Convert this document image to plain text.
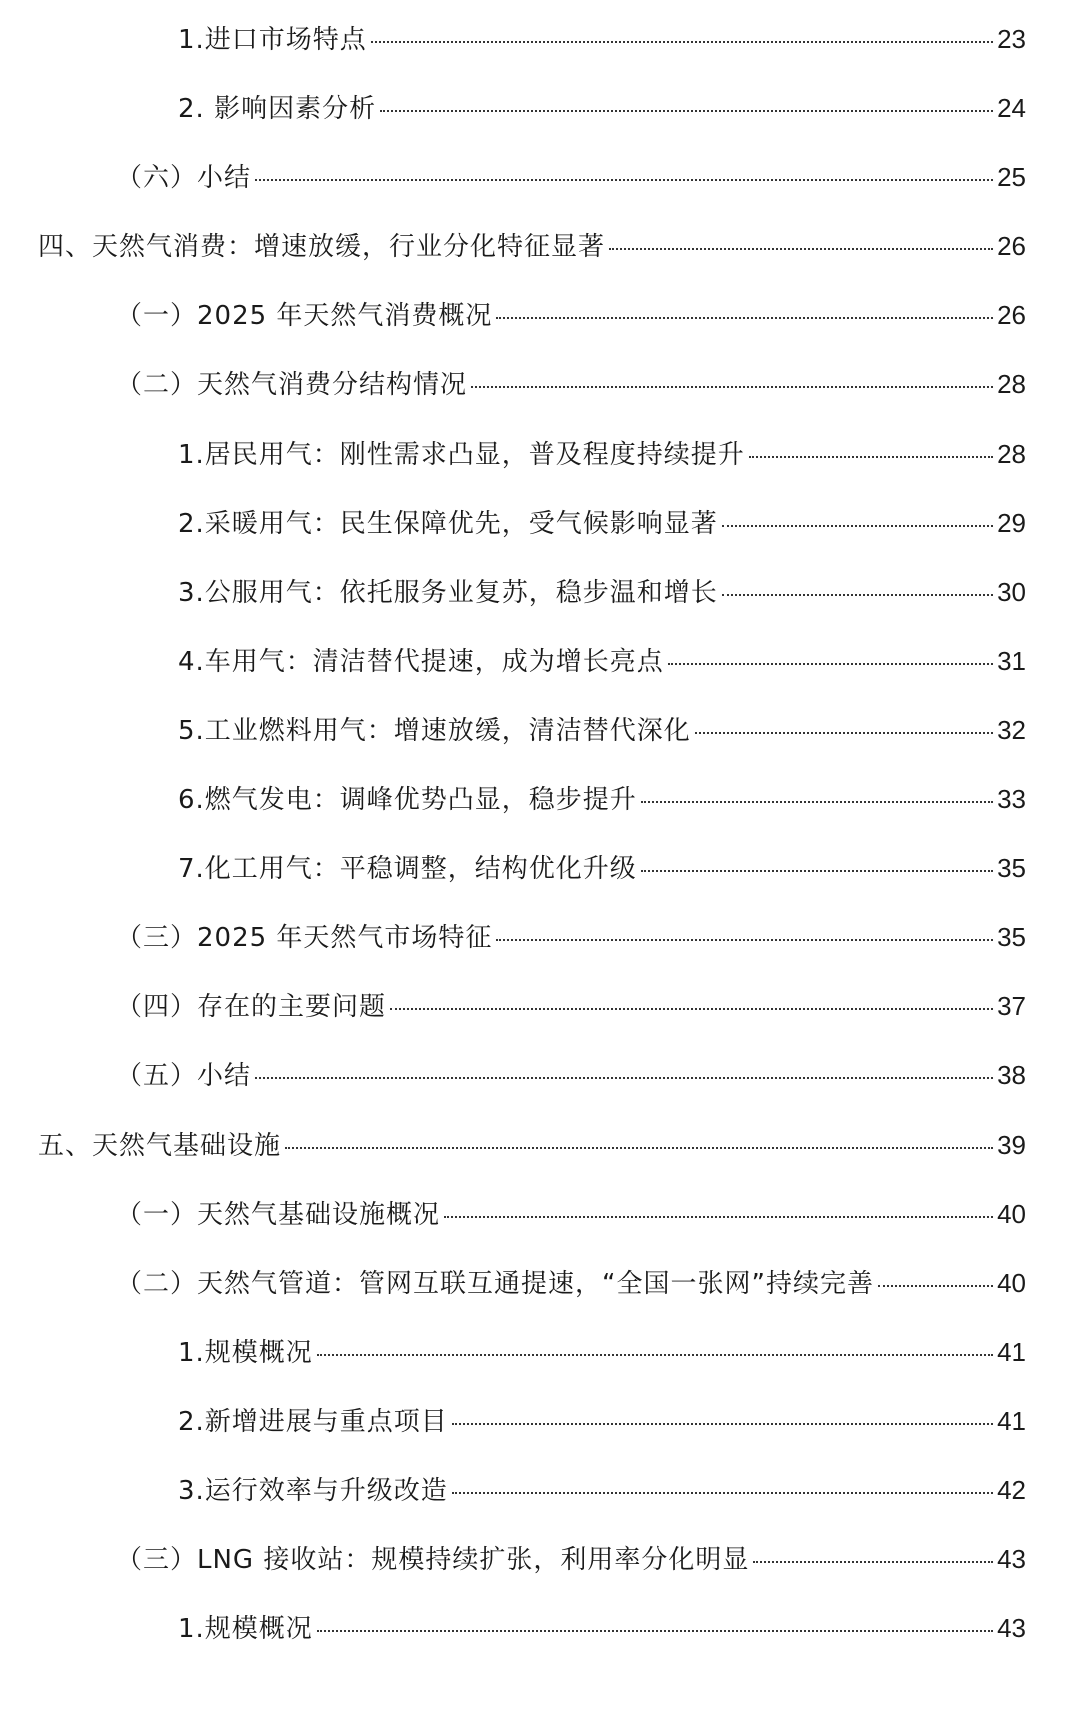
1.进口市场特点	23
2. 影响因素分析	24
（六）小结	25
四、天然气消费：增速放缓，行业分化特征显著	26
（一）2025 年天然气消费概况	26
（二）天然气消费分结构情况	28
1.居民用气：刚性需求凸显，普及程度持续提升	28
2.采暖用气：民生保障优先，受气候影响显著	29
3.公服用气：依托服务业复苏，稳步温和增长	30
4.车用气：清洁替代提速，成为增长亮点	31
5.工业燃料用气：增速放缓，清洁替代深化	32
6.燃气发电：调峰优势凸显，稳步提升	33
7.化工用气：平稳调整，结构优化升级	35
（三）2025 年天然气市场特征	35
（四）存在的主要问题	37
（五）小结	38
五、天然气基础设施	39
（一）天然气基础设施概况	40
（二）天然气管道：管网互联互通提速，“全国一张网”持续完善	40
1.规模概况	41
2.新增进展与重点项目	41
3.运行效率与升级改造	42
（三）LNG 接收站：规模持续扩张，利用率分化明显	43
1.规模概况	43
